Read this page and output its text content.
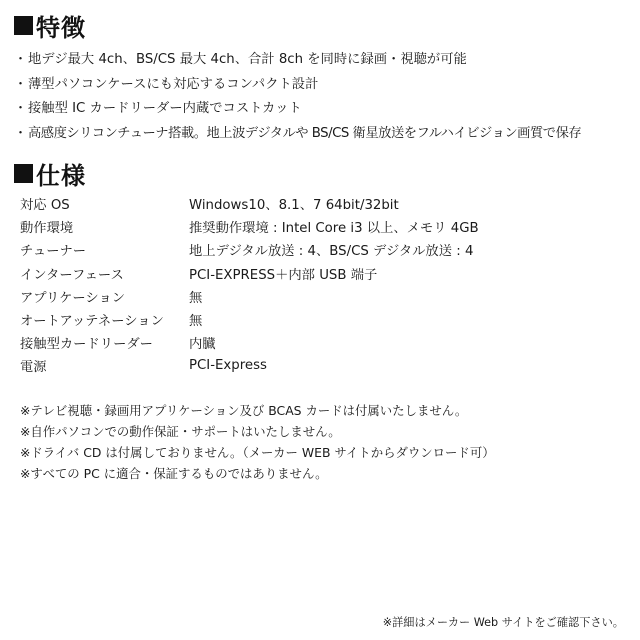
特徴
・ 地デジ最大 4ch、BS/CS 最大 4ch、合計 8ch を同時に録画・視聴が可能
・ 薄型パソコンケースにも対応するコンパクト設計
・ 接触型 IC カードリーダー内蔵でコストカット
・ 高感度シリコンチューナ搭載。地上波デジタルや BS/CS 衛星放送をフルハイビジョン画質で保存
仕様
対応 OS	Windows10、8.1、7 64bit/32bit
動作環境	推奨動作環境 : Intel Core i3 以上、メモリ 4GB
チューナー	地上デジタル放送 : 4、BS/CS デジタル放送 : 4
インターフェース	PCI-EXPRESS＋内部 USB 端子
アプリケーション	無
オートアッテネーション	無
接触型カードリーダー	内臓
電源	PCI-Express
※テレビ視聴・録画用アプリケーション及び BCAS カードは付属いたしません。
※自作パソコンでの動作保証・サポートはいたしません。
※ドライバ CD は付属しておりません。（メーカー WEB サイトからダウンロード可）
※すべての PC に適合・保証するものではありません。
※詳細はメーカー Web サイトをご確認下さい。
